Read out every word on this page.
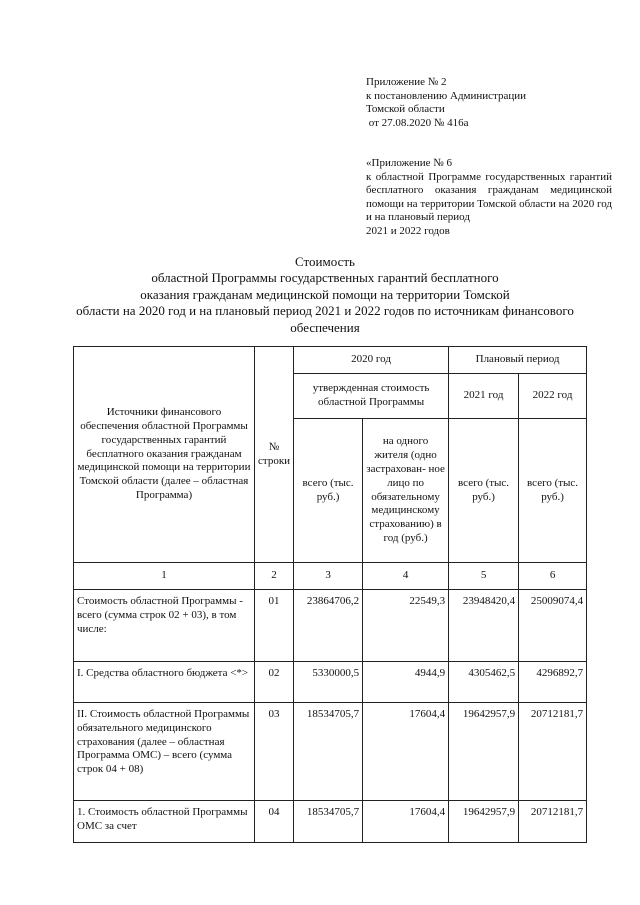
Приложение № 2
к постановлению Администрации
Томской области
от 27.08.2020 № 416а
«Приложение № 6
к областной Программе государственных гарантий бесплатного оказания гражданам медицинской помощи на территории Томской области на 2020 год и на плановый период
2021 и 2022 годов
Стоимость
областной Программы государственных гарантий бесплатного
оказания гражданам медицинской помощи на территории Томской
области на 2020 год и на плановый период 2021 и 2022 годов по источникам финансового
обеспечения
Источники финансового обеспечения областной Программы государственных гарантий бесплатного оказания гражданам медицинской помощи на территории Томской области (далее – областная Программа)	№ строки	2020 год		Плановый период	
		утвержденная стоимость областной Программы		2021 год	2022 год
		всего (тыс. руб.)	на одного жителя (одно застрахован- ное лицо по обязательному медицинскому страхованию) в год (руб.)	всего (тыс. руб.)	всего (тыс. руб.)
1	2	3	4	5	6
Стоимость областной Программы - всего (сумма строк 02 + 03), в том числе:	01	23864706,2	22549,3	23948420,4	25009074,4
I. Средства областного бюджета <*>	02	5330000,5	4944,9	4305462,5	4296892,7
II. Стоимость областной Программы обязательного медицинского страхования (далее – областная Программа ОМС) – всего (сумма строк 04 + 08)	03	18534705,7	17604,4	19642957,9	20712181,7
1. Стоимость областной Программы ОМС за счет	04	18534705,7	17604,4	19642957,9	20712181,7
